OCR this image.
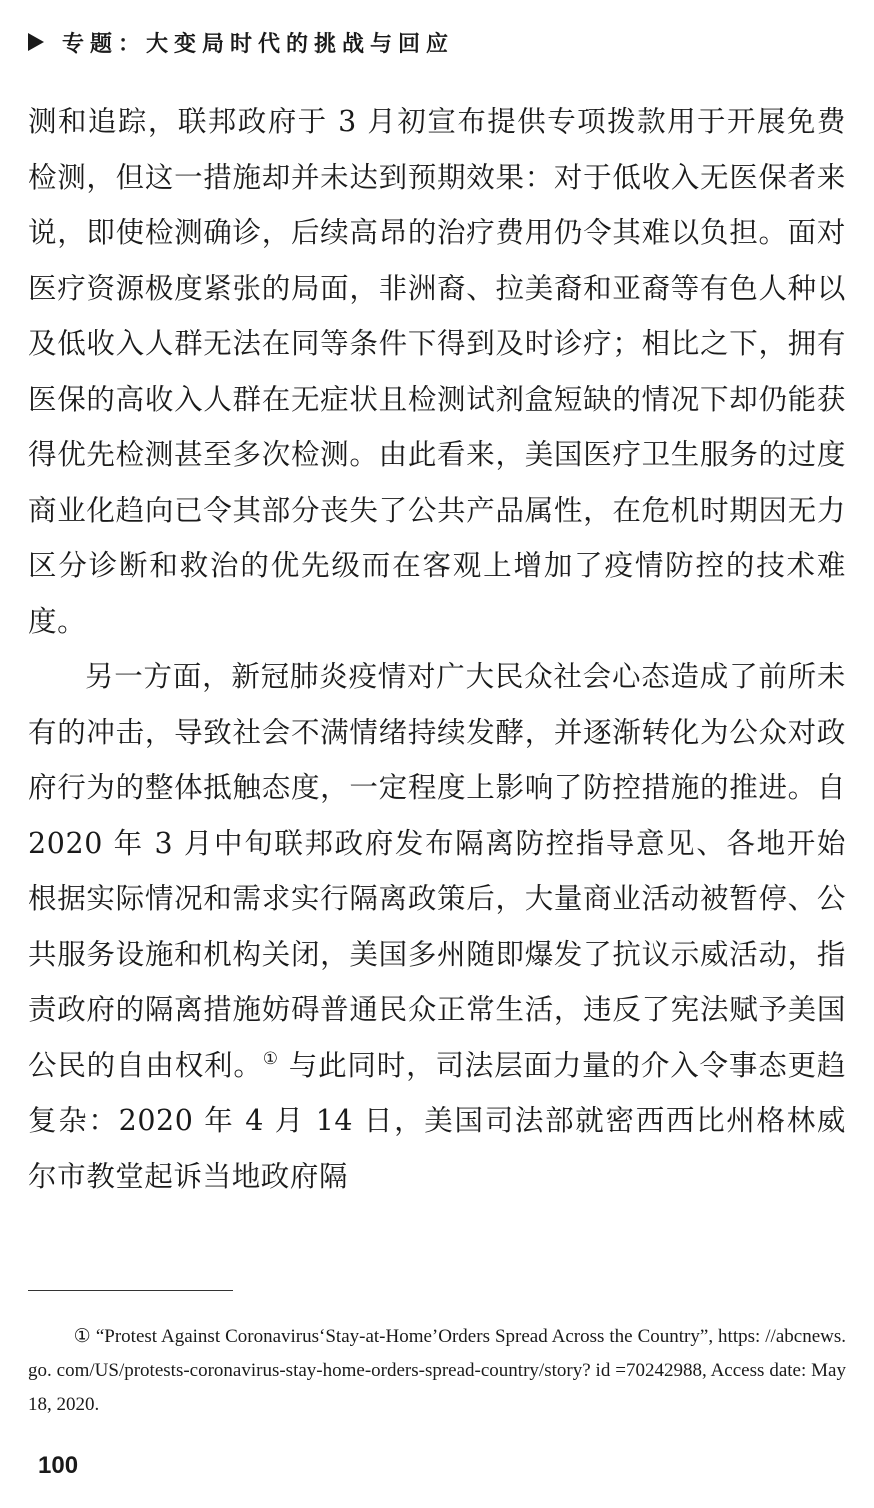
专题：大变局时代的挑战与回应

测和追踪，联邦政府于 3 月初宣布提供专项拨款用于开展免费检测，但这一措施却并未达到预期效果：对于低收入无医保者来说，即使检测确诊，后续高昂的治疗费用仍令其难以负担。面对医疗资源极度紧张的局面，非洲裔、拉美裔和亚裔等有色人种以及低收入人群无法在同等条件下得到及时诊疗；相比之下，拥有医保的高收入人群在无症状且检测试剂盒短缺的情况下却仍能获得优先检测甚至多次检测。由此看来，美国医疗卫生服务的过度商业化趋向已令其部分丧失了公共产品属性，在危机时期因无力区分诊断和救治的优先级而在客观上增加了疫情防控的技术难度。

另一方面，新冠肺炎疫情对广大民众社会心态造成了前所未有的冲击，导致社会不满情绪持续发酵，并逐渐转化为公众对政府行为的整体抵触态度，一定程度上影响了防控措施的推进。自 2020 年 3 月中旬联邦政府发布隔离防控指导意见、各地开始根据实际情况和需求实行隔离政策后，大量商业活动被暂停、公共服务设施和机构关闭，美国多州随即爆发了抗议示威活动，指责政府的隔离措施妨碍普通民众正常生活，违反了宪法赋予美国公民的自由权利。① 与此同时，司法层面力量的介入令事态更趋复杂：2020 年 4 月 14 日，美国司法部就密西西比州格林威尔市教堂起诉当地政府隔

① “Protest Against Coronavirus‘Stay-at-Home’Orders Spread Across the Country”, https: //abcnews. go. com/US/protests-coronavirus-stay-home-orders-spread-country/story? id =70242988, Access date: May 18, 2020.
100
